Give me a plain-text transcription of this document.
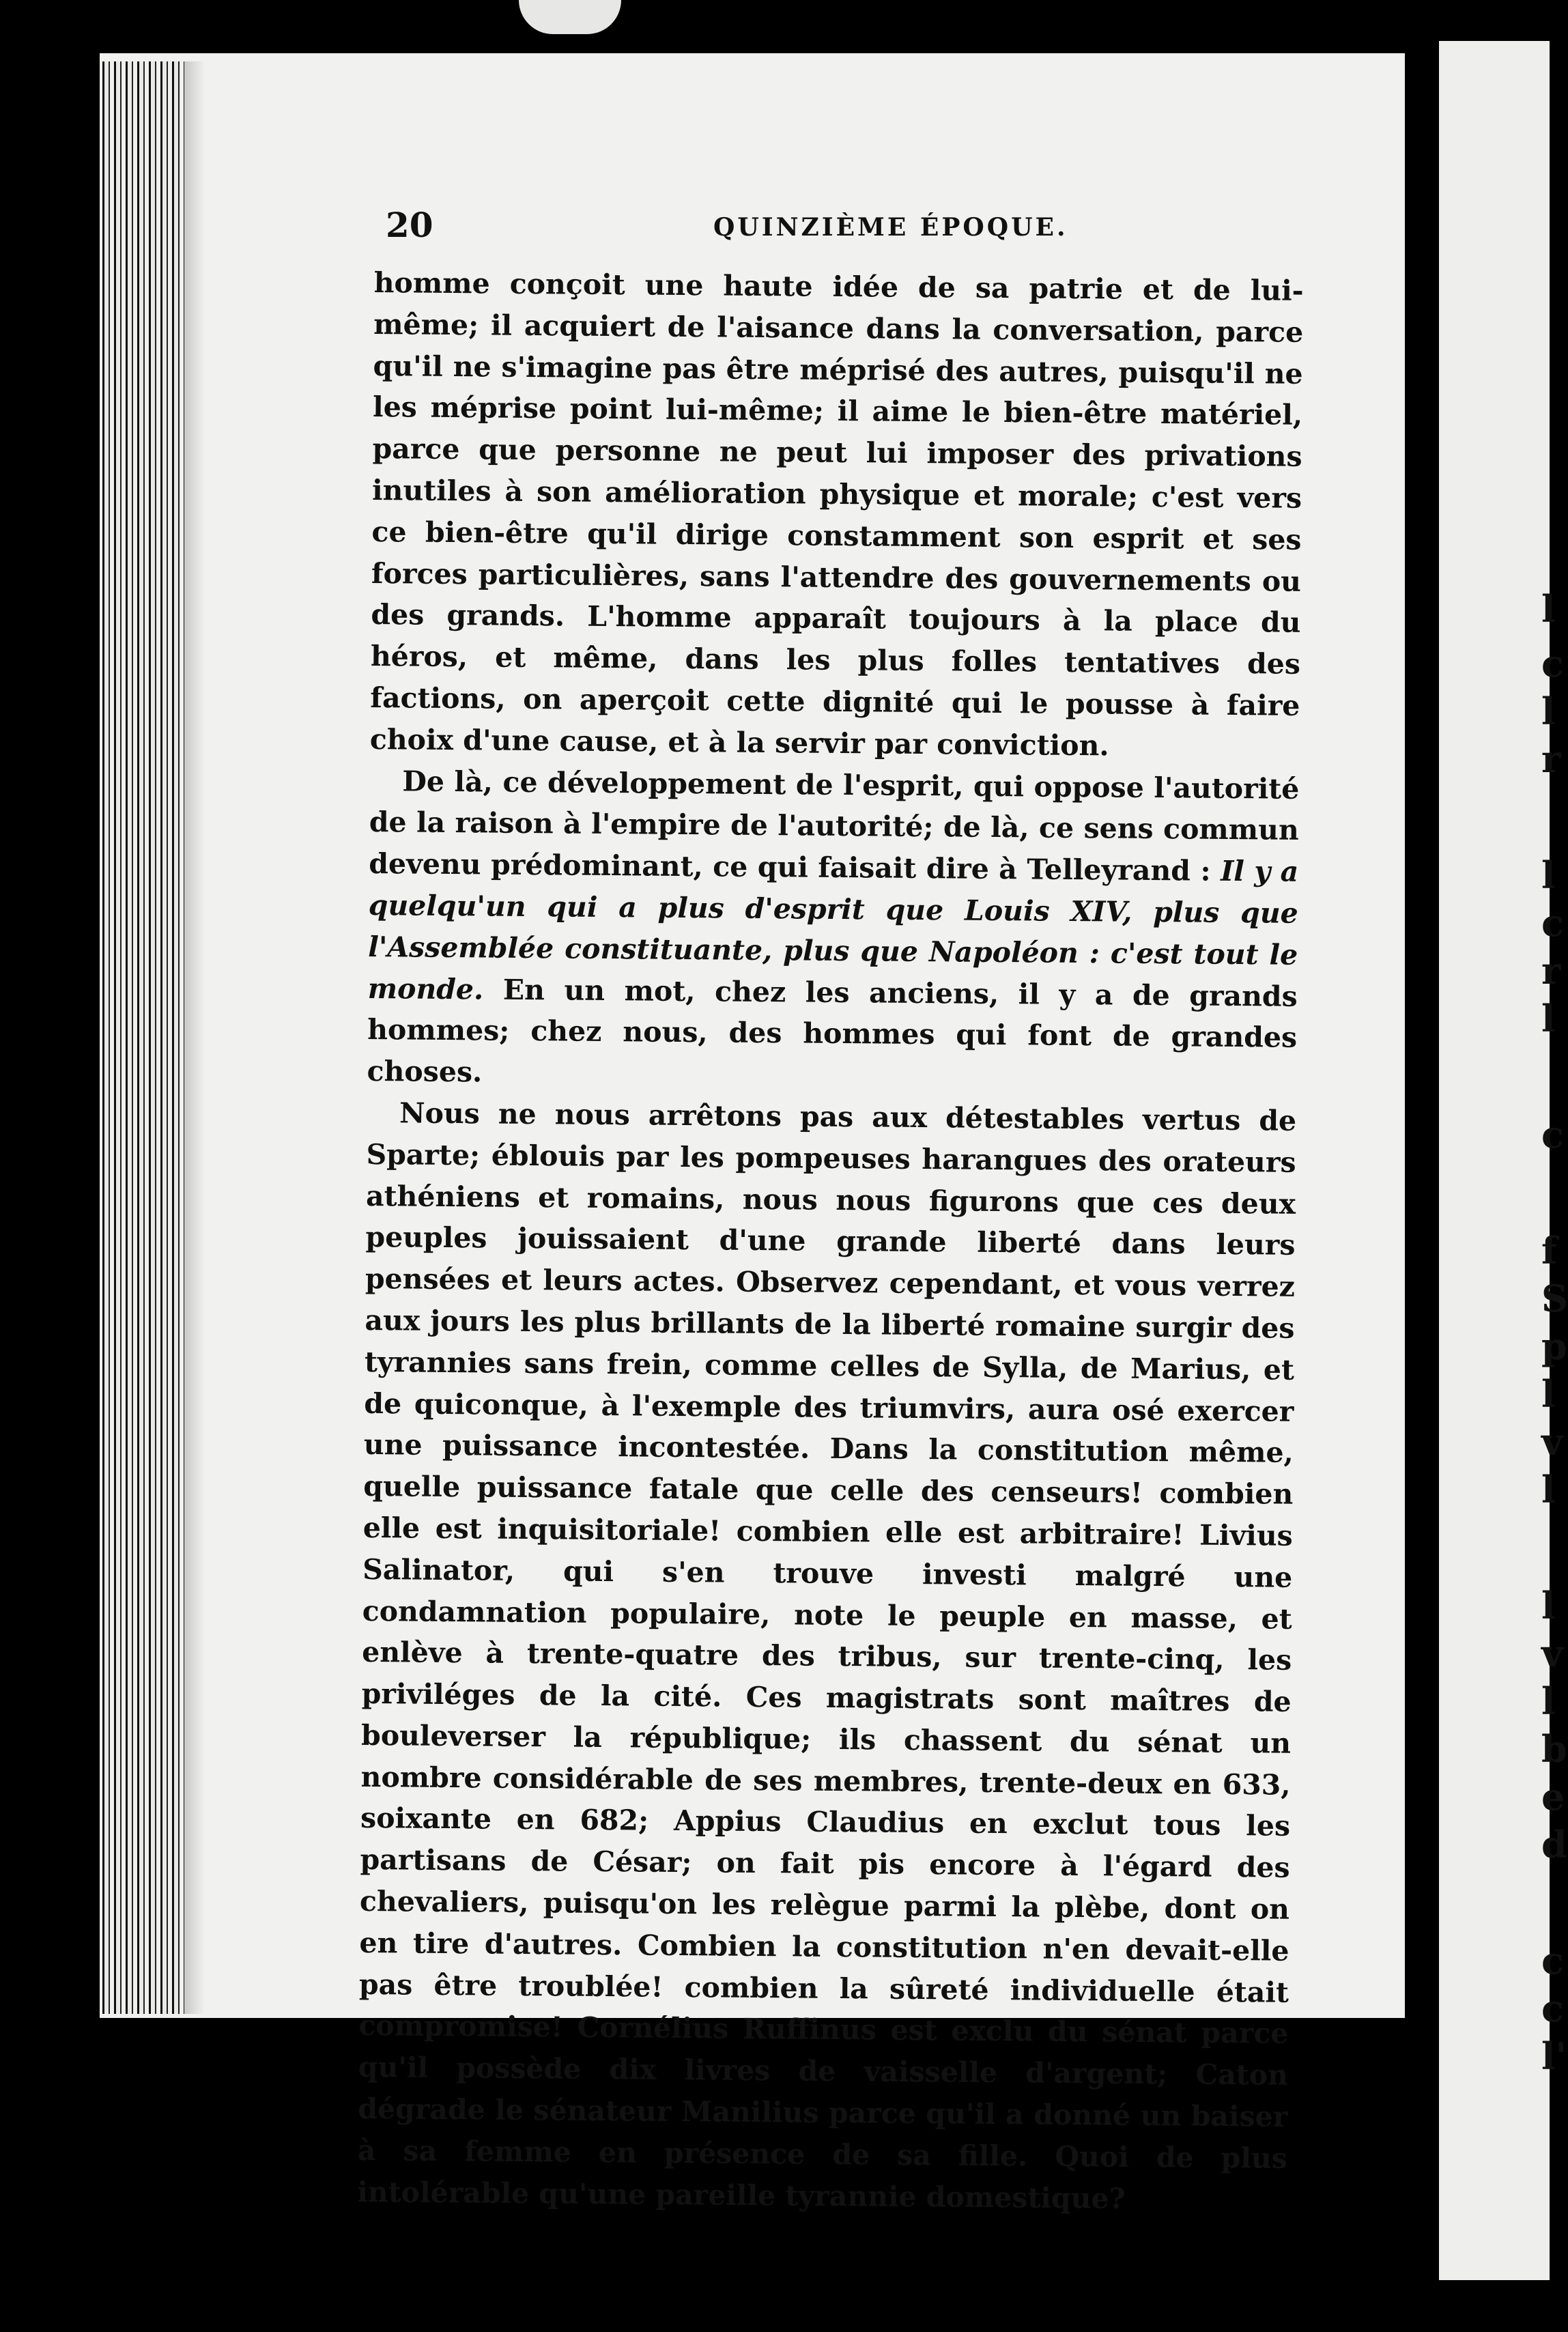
l
c
l
r
l
c
r
l
c
f
S
p
l
v
l
l
v
l
b
e
d
c
c
l'
20	QUINZIÈME ÉPOQUE.

homme conçoit une haute idée de sa patrie et de lui-même; il acquiert de l'aisance dans la conversation, parce qu'il ne s'imagine pas être méprisé des autres, puisqu'il ne les méprise point lui-même; il aime le bien-être matériel, parce que personne ne peut lui imposer des privations inutiles à son amélioration physique et morale; c'est vers ce bien-être qu'il dirige constamment son esprit et ses forces particulières, sans l'attendre des gouvernements ou des grands. L'homme apparaît toujours à la place du héros, et même, dans les plus folles tentatives des factions, on aperçoit cette dignité qui le pousse à faire choix d'une cause, et à la servir par conviction.

De là, ce développement de l'esprit, qui oppose l'autorité de la raison à l'empire de l'autorité; de là, ce sens commun devenu prédominant, ce qui faisait dire à Telleyrand : Il y a quelqu'un qui a plus d'esprit que Louis XIV, plus que l'Assemblée constituante, plus que Napoléon : c'est tout le monde. En un mot, chez les anciens, il y a de grands hommes; chez nous, des hommes qui font de grandes choses.

Nous ne nous arrêtons pas aux détestables vertus de Sparte; éblouis par les pompeuses harangues des orateurs athéniens et romains, nous nous figurons que ces deux peuples jouissaient d'une grande liberté dans leurs pensées et leurs actes. Observez cependant, et vous verrez aux jours les plus brillants de la liberté romaine surgir des tyrannies sans frein, comme celles de Sylla, de Marius, et de quiconque, à l'exemple des triumvirs, aura osé exercer une puissance incontestée. Dans la constitution même, quelle puissance fatale que celle des censeurs! combien elle est inquisitoriale! combien elle est arbitraire! Livius Salinator, qui s'en trouve investi malgré une condamnation populaire, note le peuple en masse, et enlève à trente-quatre des tribus, sur trente-cinq, les priviléges de la cité. Ces magistrats sont maîtres de bouleverser la république; ils chassent du sénat un nombre considérable de ses membres, trente-deux en 633, soixante en 682; Appius Claudius en exclut tous les partisans de César; on fait pis encore à l'égard des chevaliers, puisqu'on les relègue parmi la plèbe, dont on en tire d'autres. Combien la constitution n'en devait-elle pas être troublée! combien la sûreté individuelle était compromise! Cornélius Ruffinus est exclu du sénat parce qu'il possède dix livres de vaisselle d'argent; Caton dégrade le sénateur Manilius parce qu'il a donné un baiser à sa femme en présence de sa fille. Quoi de plus intolérable qu'une pareille tyrannie domestique?
